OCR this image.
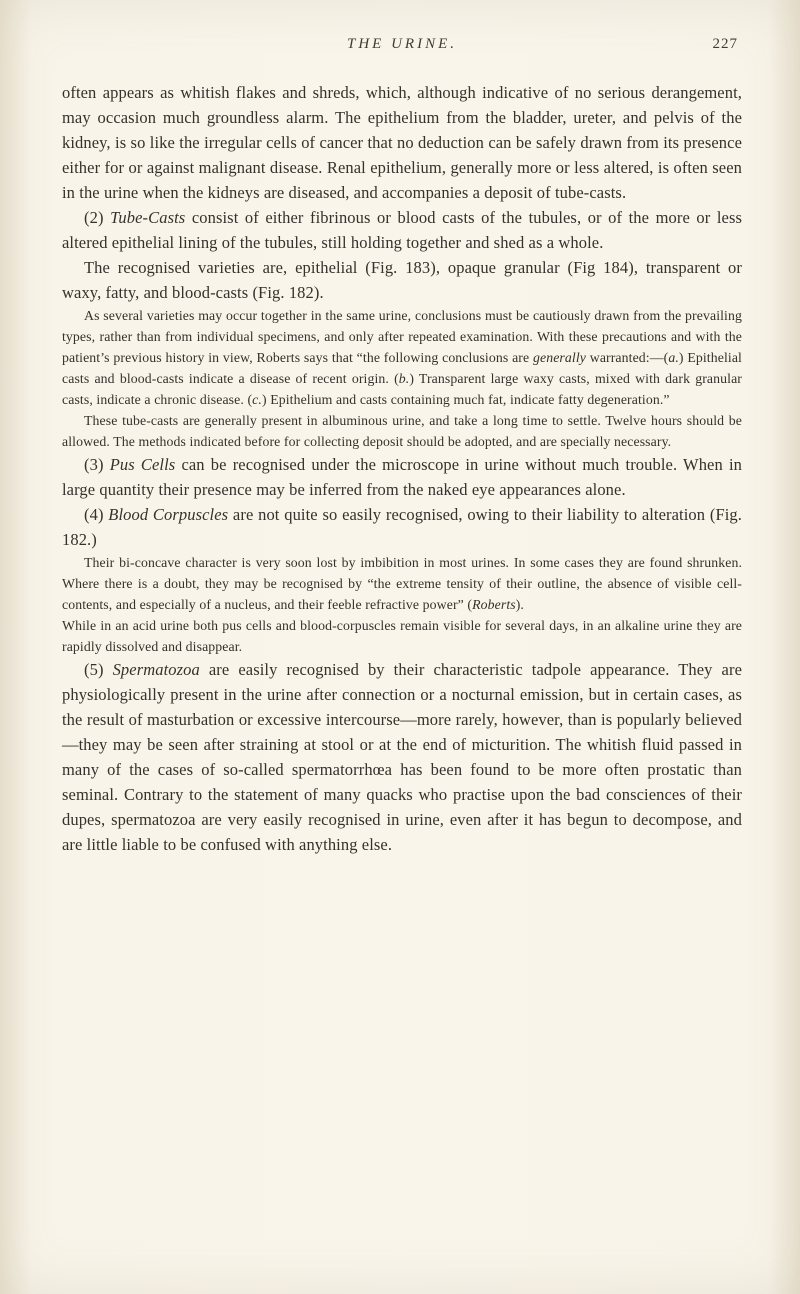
THE URINE.	227

often appears as whitish flakes and shreds, which, although indicative of no serious derangement, may occasion much groundless alarm. The epithelium from the bladder, ureter, and pelvis of the kidney, is so like the irregular cells of cancer that no deduction can be safely drawn from its presence either for or against malignant disease. Renal epithelium, generally more or less altered, is often seen in the urine when the kidneys are diseased, and accompanies a deposit of tube-casts.

(2) Tube-Casts consist of either fibrinous or blood casts of the tubules, or of the more or less altered epithelial lining of the tubules, still holding together and shed as a whole.

The recognised varieties are, epithelial (Fig. 183), opaque granular (Fig 184), transparent or waxy, fatty, and blood-casts (Fig. 182).

As several varieties may occur together in the same urine, conclusions must be cautiously drawn from the prevailing types, rather than from individual specimens, and only after repeated examination. With these precautions and with the patient’s previous history in view, Roberts says that “the following conclusions are generally warranted:—(a.) Epithelial casts and blood-casts indicate a disease of recent origin. (b.) Transparent large waxy casts, mixed with dark granular casts, indicate a chronic disease. (c.) Epithelium and casts containing much fat, indicate fatty degeneration.”

These tube-casts are generally present in albuminous urine, and take a long time to settle. Twelve hours should be allowed. The methods indicated before for collecting deposit should be adopted, and are specially necessary.

(3) Pus Cells can be recognised under the microscope in urine without much trouble. When in large quantity their presence may be inferred from the naked eye appearances alone.

(4) Blood Corpuscles are not quite so easily recognised, owing to their liability to alteration (Fig. 182.)

Their bi-concave character is very soon lost by imbibition in most urines. In some cases they are found shrunken. Where there is a doubt, they may be recognised by “the extreme tensity of their outline, the absence of visible cell-contents, and especially of a nucleus, and their feeble refractive power” (Roberts).

While in an acid urine both pus cells and blood-corpuscles remain visible for several days, in an alkaline urine they are rapidly dissolved and disappear.

(5) Spermatozoa are easily recognised by their characteristic tadpole appearance. They are physiologically present in the urine after connection or a nocturnal emission, but in certain cases, as the result of masturbation or excessive intercourse—more rarely, however, than is popularly believed—they may be seen after straining at stool or at the end of micturition. The whitish fluid passed in many of the cases of so-called spermatorrhœa has been found to be more often prostatic than seminal. Contrary to the statement of many quacks who practise upon the bad consciences of their dupes, spermatozoa are very easily recognised in urine, even after it has begun to decompose, and are little liable to be confused with anything else.
